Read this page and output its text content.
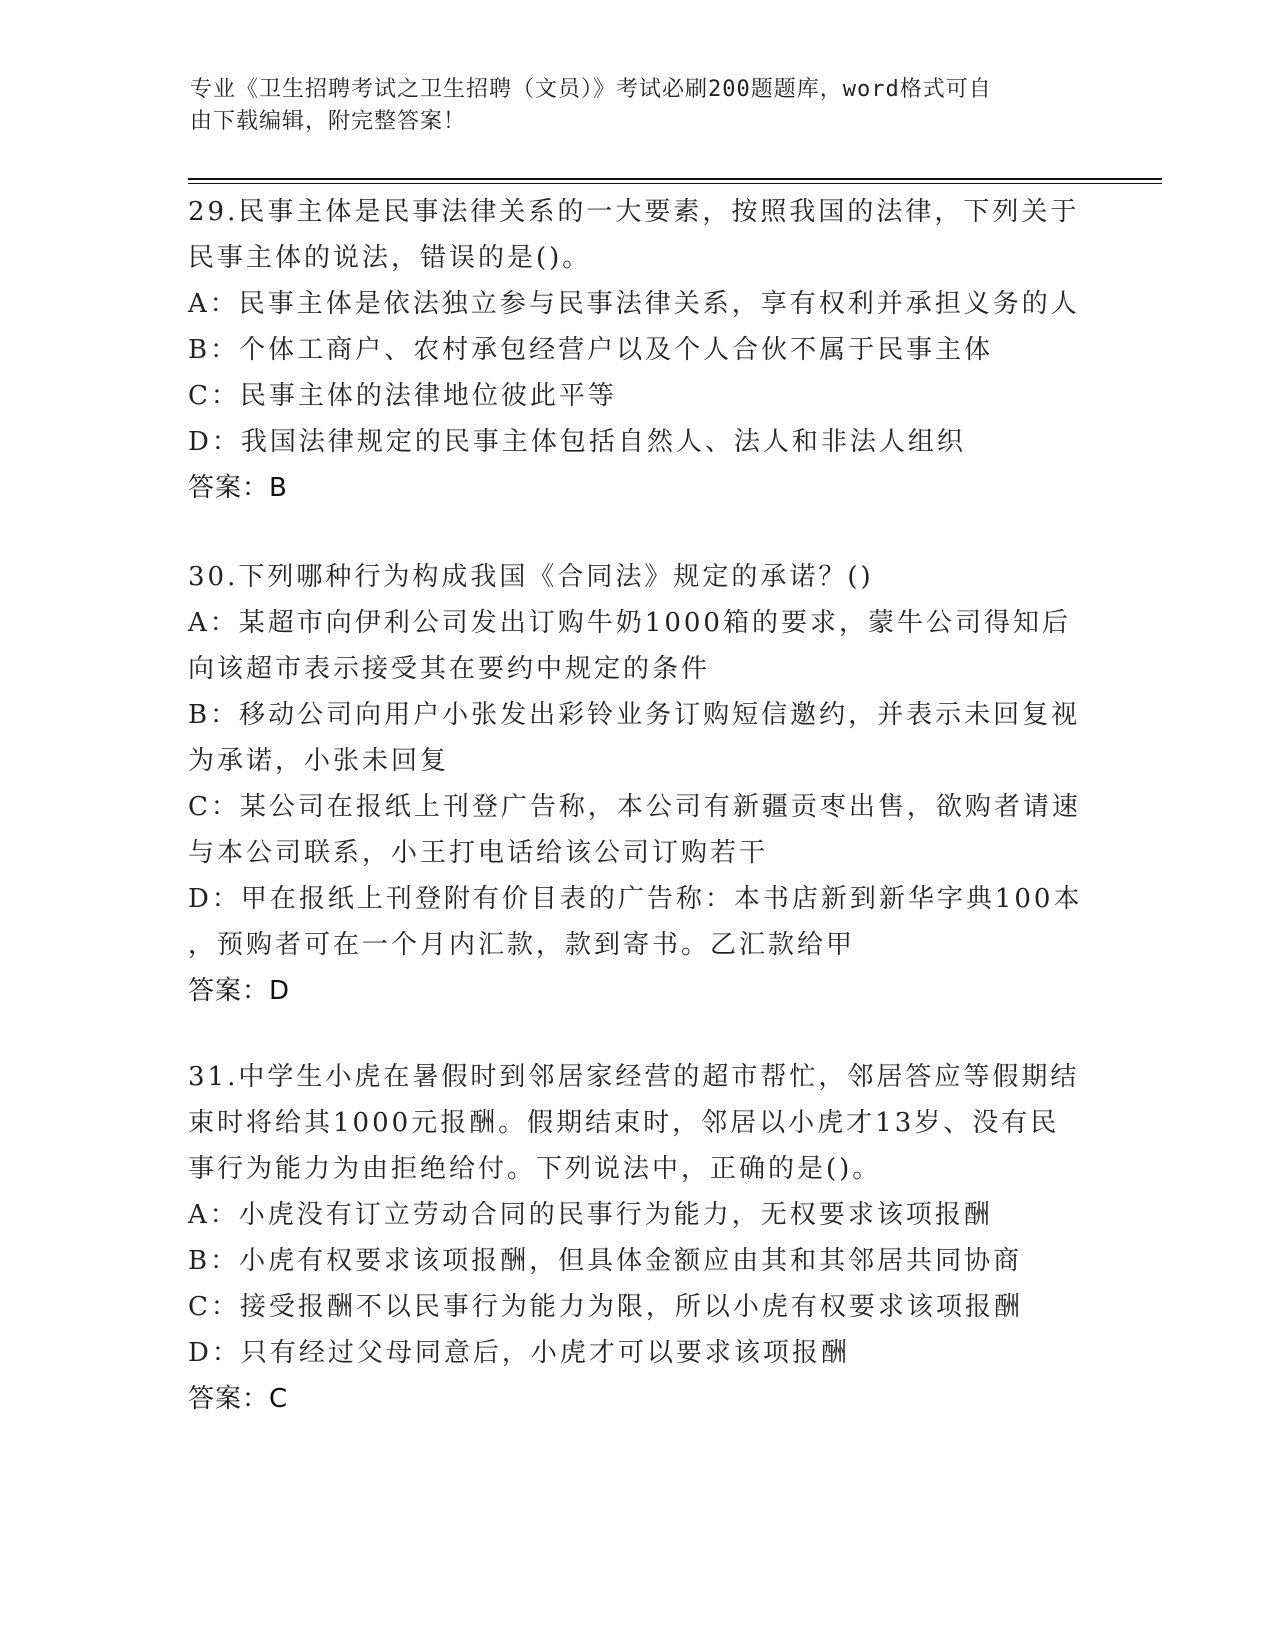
专业《卫生招聘考试之卫生招聘（文员）》考试必刷200题题库，word格式可自
由下载编辑，附完整答案！
29.民事主体是民事法律关系的一大要素，按照我国的法律，下列关于
民事主体的说法，错误的是()。
A：民事主体是依法独立参与民事法律关系，享有权利并承担义务的人
B：个体工商户、农村承包经营户以及个人合伙不属于民事主体
C：民事主体的法律地位彼此平等
D：我国法律规定的民事主体包括自然人、法人和非法人组织
答案：B
30.下列哪种行为构成我国《合同法》规定的承诺？()
A：某超市向伊利公司发出订购牛奶1000箱的要求，蒙牛公司得知后
向该超市表示接受其在要约中规定的条件
B：移动公司向用户小张发出彩铃业务订购短信邀约，并表示未回复视
为承诺，小张未回复
C：某公司在报纸上刊登广告称，本公司有新疆贡枣出售，欲购者请速
与本公司联系，小王打电话给该公司订购若干
D：甲在报纸上刊登附有价目表的广告称：本书店新到新华字典100本
，预购者可在一个月内汇款，款到寄书。乙汇款给甲
答案：D
31.中学生小虎在暑假时到邻居家经营的超市帮忙，邻居答应等假期结
束时将给其1000元报酬。假期结束时，邻居以小虎才13岁、没有民
事行为能力为由拒绝给付。下列说法中，正确的是()。
A：小虎没有订立劳动合同的民事行为能力，无权要求该项报酬
B：小虎有权要求该项报酬，但具体金额应由其和其邻居共同协商
C：接受报酬不以民事行为能力为限，所以小虎有权要求该项报酬
D：只有经过父母同意后，小虎才可以要求该项报酬
答案：C
